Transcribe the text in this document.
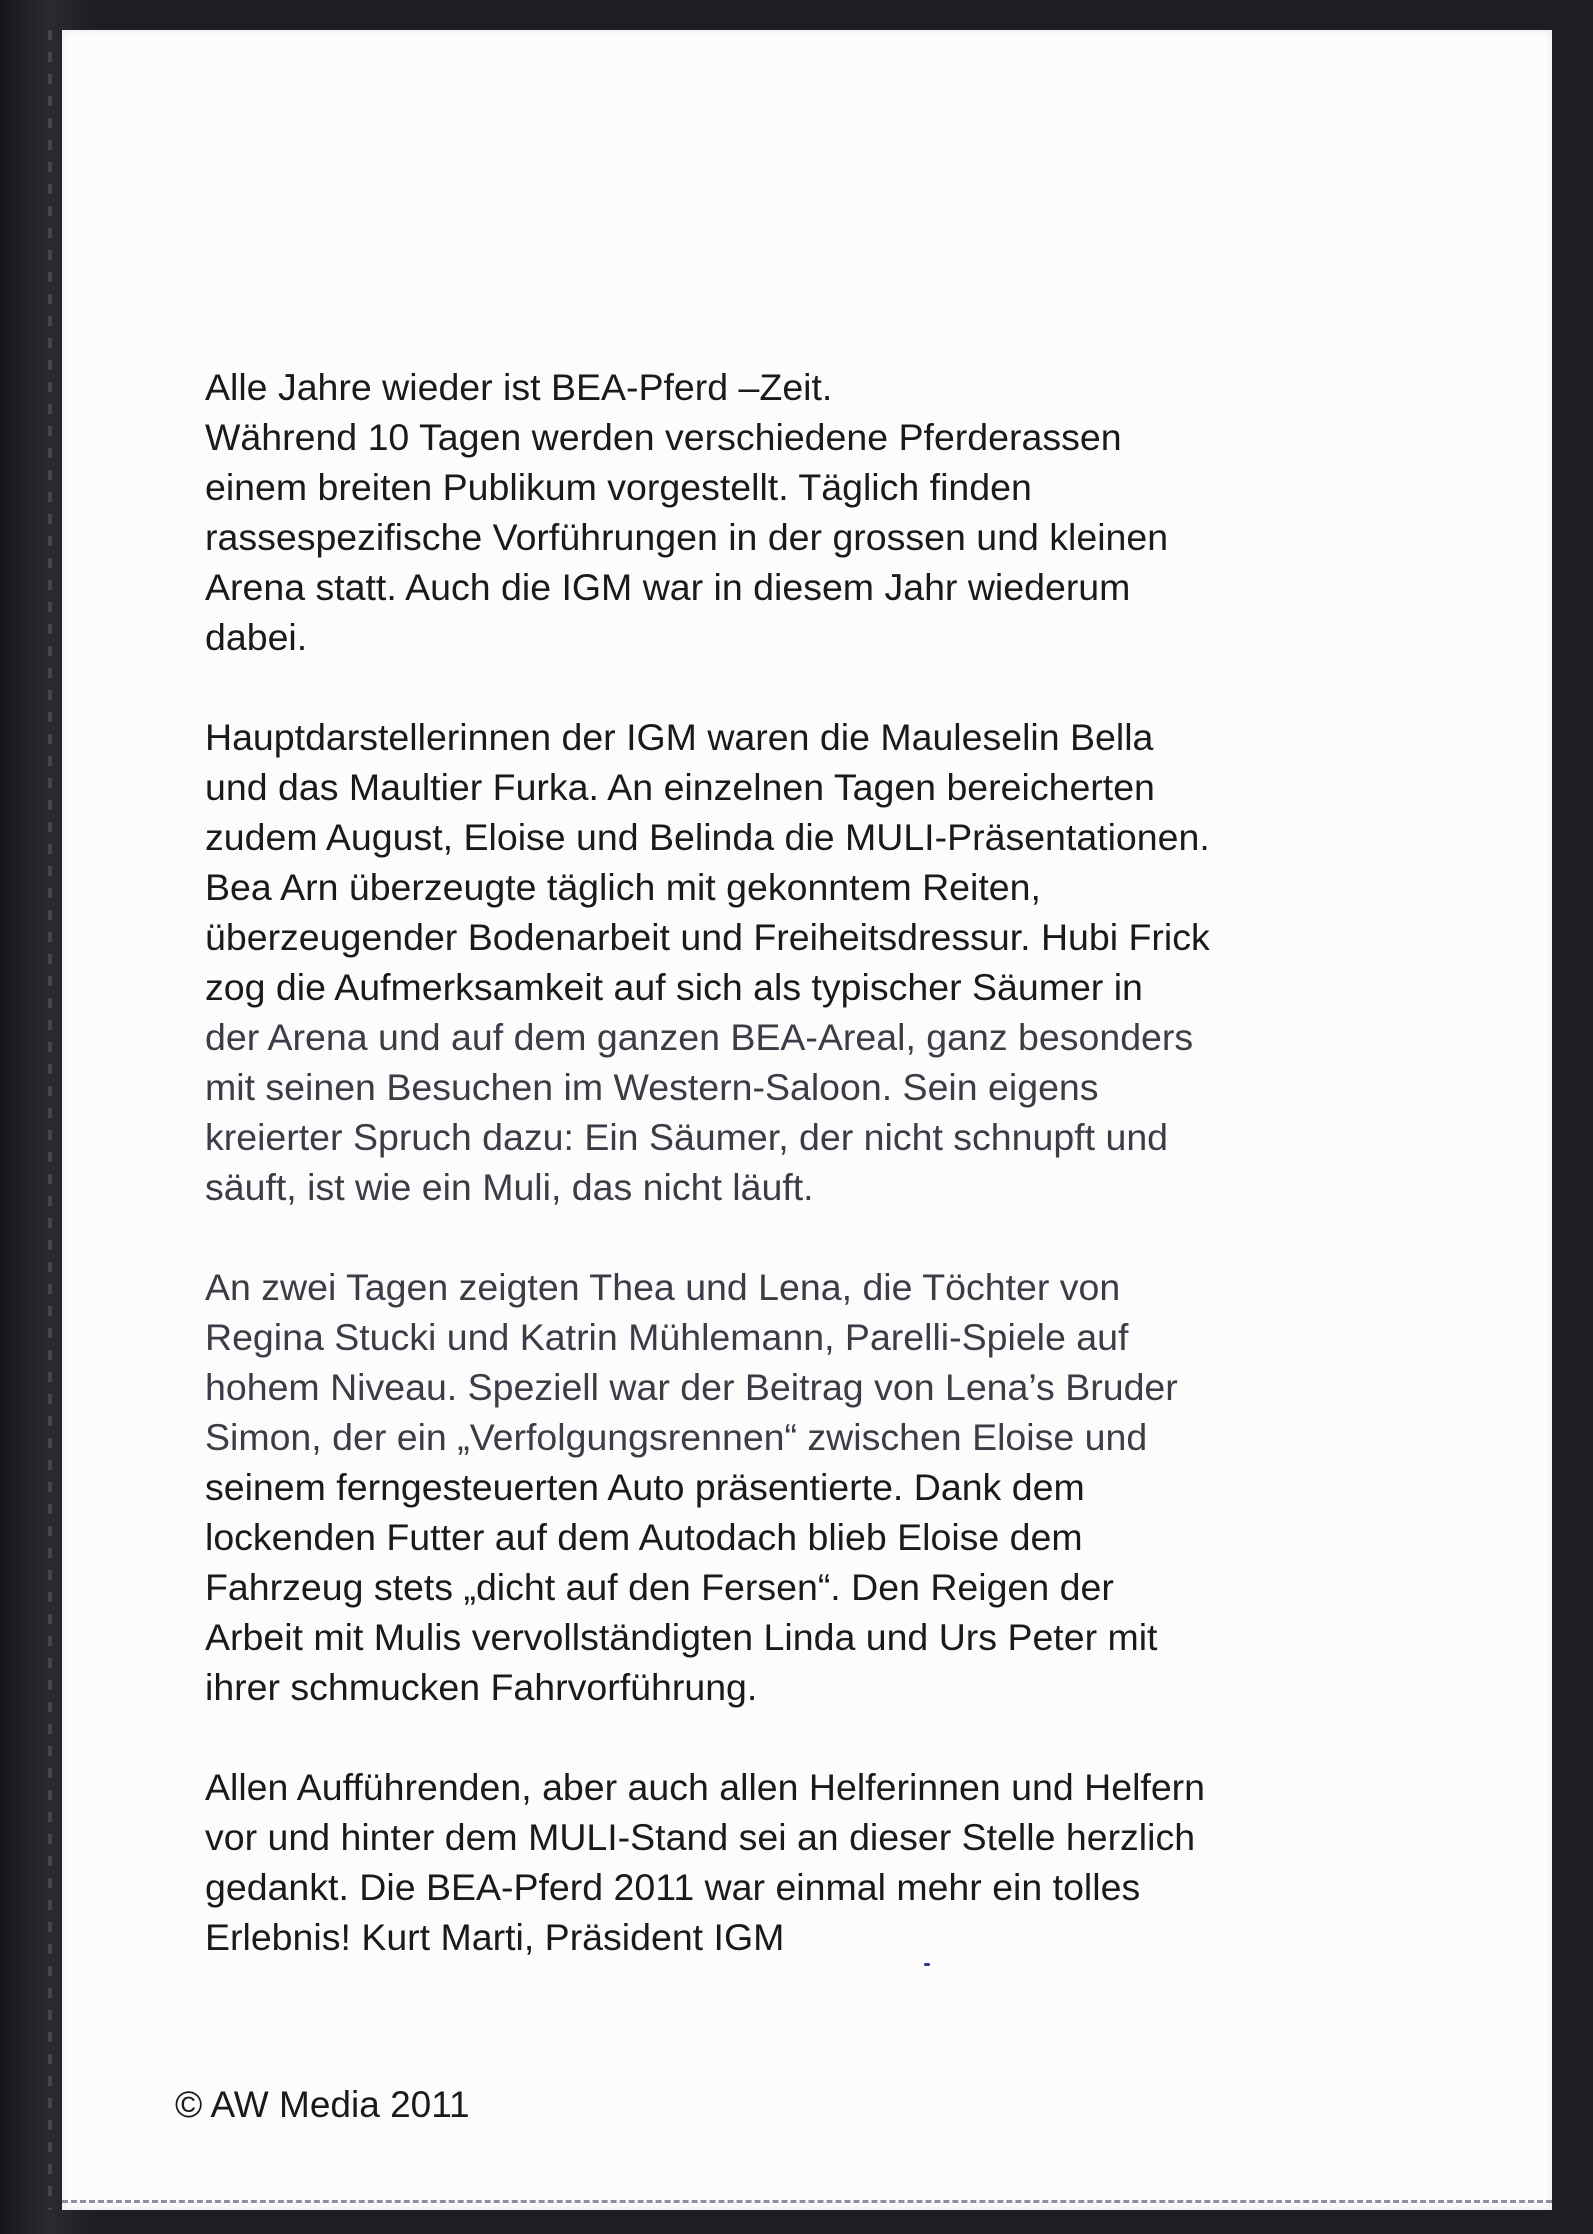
Alle Jahre wieder ist BEA-Pferd –Zeit.
Während 10 Tagen werden verschiedene Pferderassen
einem breiten Publikum vorgestellt. Täglich finden
rassespezifische Vorführungen in der grossen und kleinen
Arena statt. Auch die IGM war in diesem Jahr wiederum
dabei.
Hauptdarstellerinnen der IGM waren die Mauleselin Bella
und das Maultier Furka. An einzelnen Tagen bereicherten
zudem August, Eloise und Belinda die MULI-Präsentationen.
Bea Arn überzeugte täglich mit gekonntem Reiten,
überzeugender Bodenarbeit und Freiheitsdressur. Hubi Frick
zog die Aufmerksamkeit auf sich als typischer Säumer in
der Arena und auf dem ganzen BEA-Areal, ganz besonders
mit seinen Besuchen im Western-Saloon. Sein eigens
kreierter Spruch dazu: Ein Säumer, der nicht schnupft und
säuft, ist wie ein Muli, das nicht läuft.
An zwei Tagen zeigten Thea und Lena, die Töchter von
Regina Stucki und Katrin Mühlemann, Parelli-Spiele auf
hohem Niveau. Speziell war der Beitrag von Lena’s Bruder
Simon, der ein „Verfolgungsrennen“ zwischen Eloise und
seinem ferngesteuerten Auto präsentierte. Dank dem
lockenden Futter auf dem Autodach blieb Eloise dem
Fahrzeug stets „dicht auf den Fersen“. Den Reigen der
Arbeit mit Mulis vervollständigten Linda und Urs Peter mit
ihrer schmucken Fahrvorführung.
Allen Aufführenden, aber auch allen Helferinnen und Helfern
vor und hinter dem MULI-Stand sei an dieser Stelle herzlich
gedankt. Die BEA-Pferd 2011 war einmal mehr ein tolles
Erlebnis! Kurt Marti, Präsident IGM
© AW Media 2011
